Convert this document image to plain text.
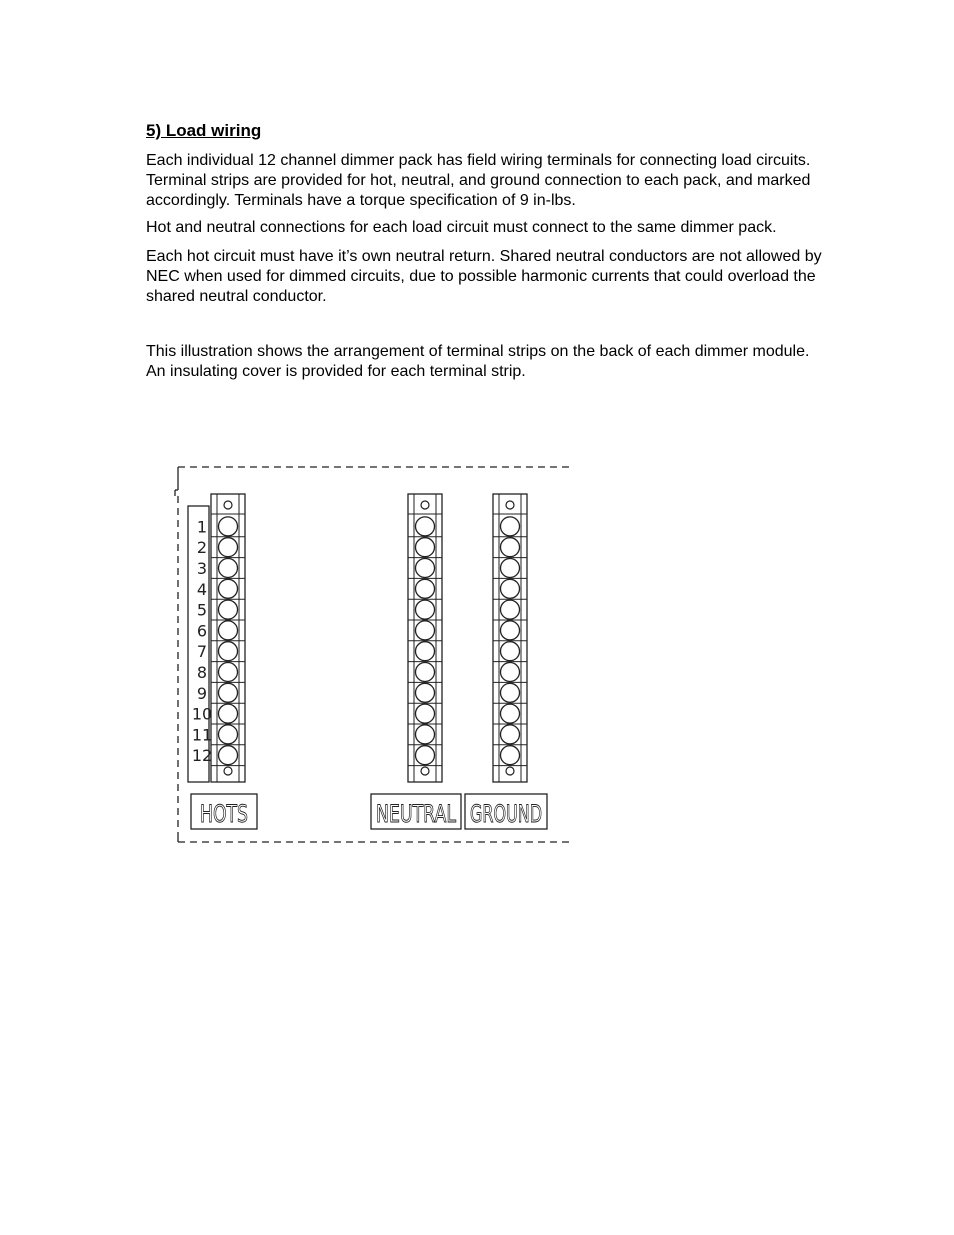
5) Load wiring

Each individual 12 channel dimmer pack has field wiring terminals for connecting load circuits. Terminal strips are provided for hot, neutral, and ground connection to each pack, and marked accordingly. Terminals have a torque specification of 9 in-lbs.

Hot and neutral connections for each load circuit must connect to the same dimmer pack.

Each hot circuit must have it’s own neutral return. Shared neutral conductors are not allowed by NEC when used for dimmed circuits, due to possible harmonic currents that could overload the shared neutral conductor.

This illustration shows the arrangement of terminal strips on the back of each dimmer module. An insulating cover is provided for each terminal strip.

1
2
3
4
5
6
7
8
9
10
11
12
HOTS	NEUTRAL GROUND
